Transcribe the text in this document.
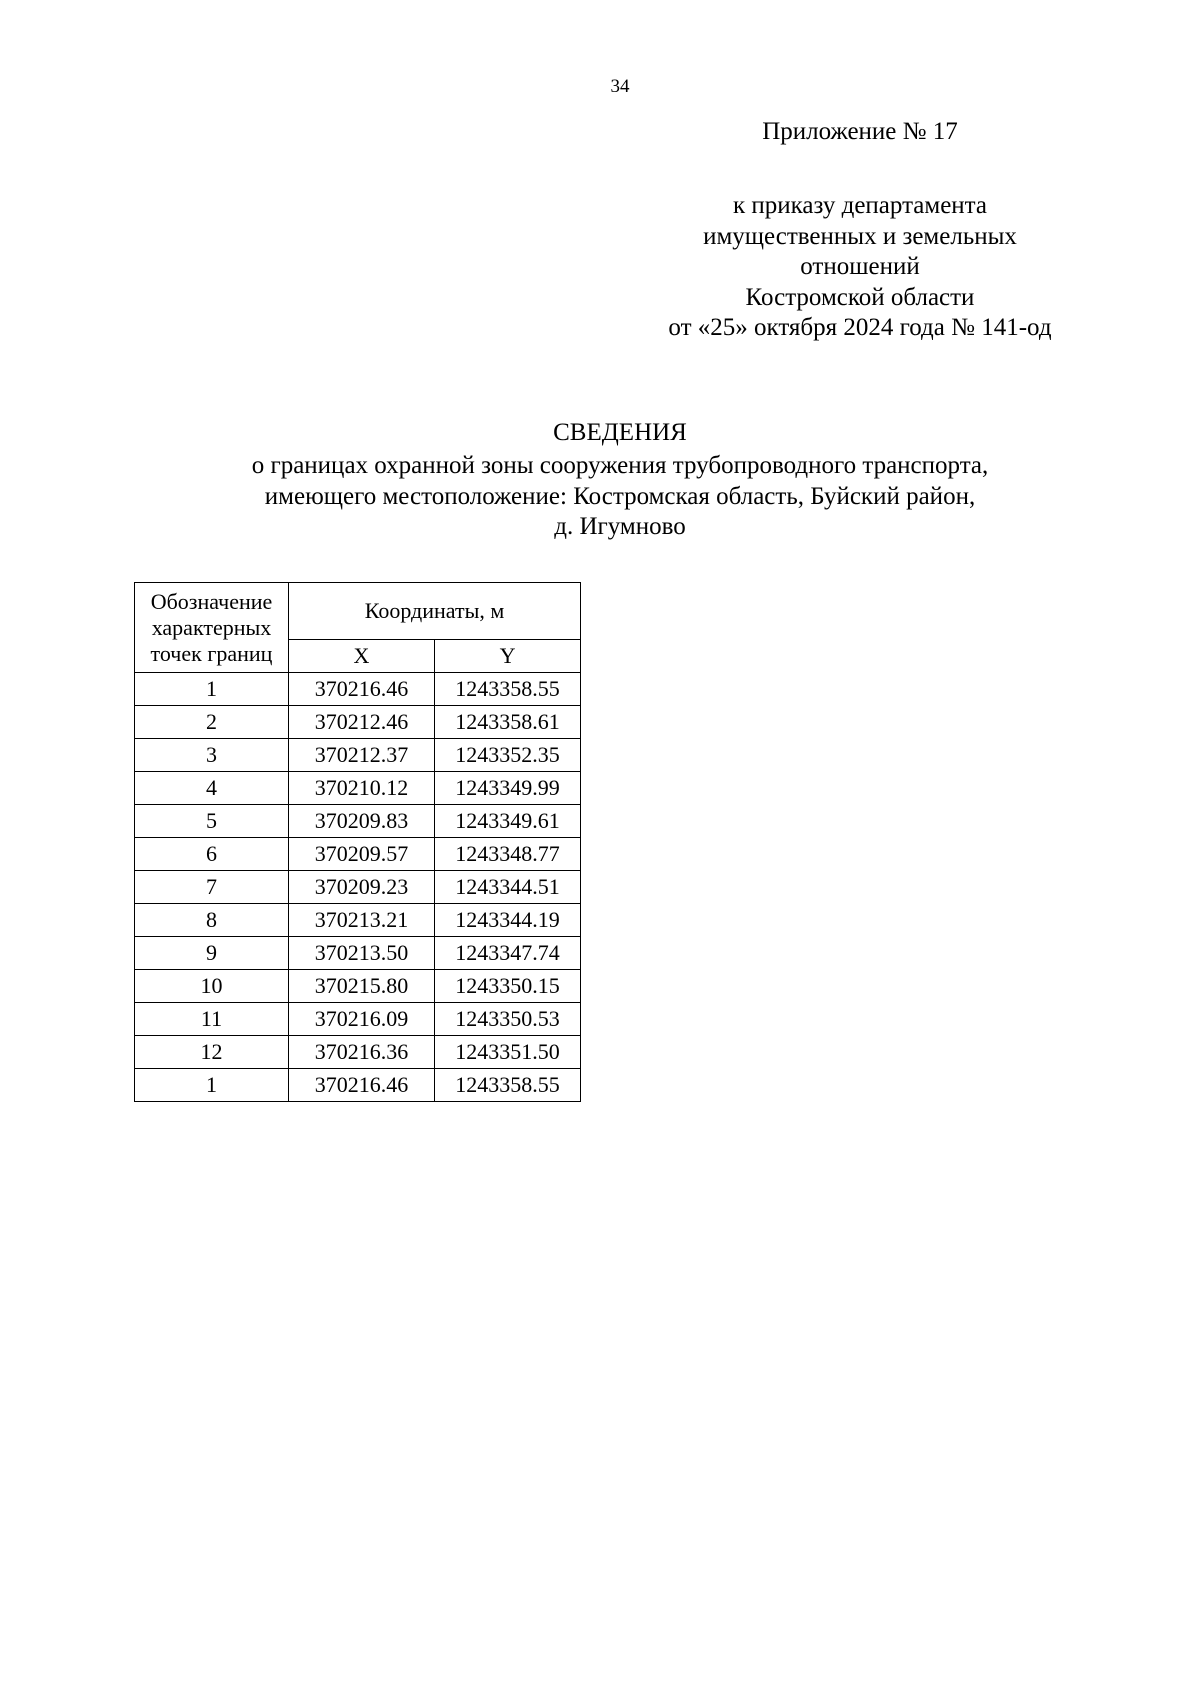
34
Приложение № 17
к приказу департамента
имущественных и земельных
отношений
Костромской области
от «25» октября 2024 года № 141-од
СВЕДЕНИЯ
о границах охранной зоны сооружения трубопроводного транспорта,
имеющего местоположение: Костромская область, Буйский район,
д. Игумново
Обозначение характерных точек границ	Координаты, м	
	X	Y
1	370216.46	1243358.55
2	370212.46	1243358.61
3	370212.37	1243352.35
4	370210.12	1243349.99
5	370209.83	1243349.61
6	370209.57	1243348.77
7	370209.23	1243344.51
8	370213.21	1243344.19
9	370213.50	1243347.74
10	370215.80	1243350.15
11	370216.09	1243350.53
12	370216.36	1243351.50
1	370216.46	1243358.55
